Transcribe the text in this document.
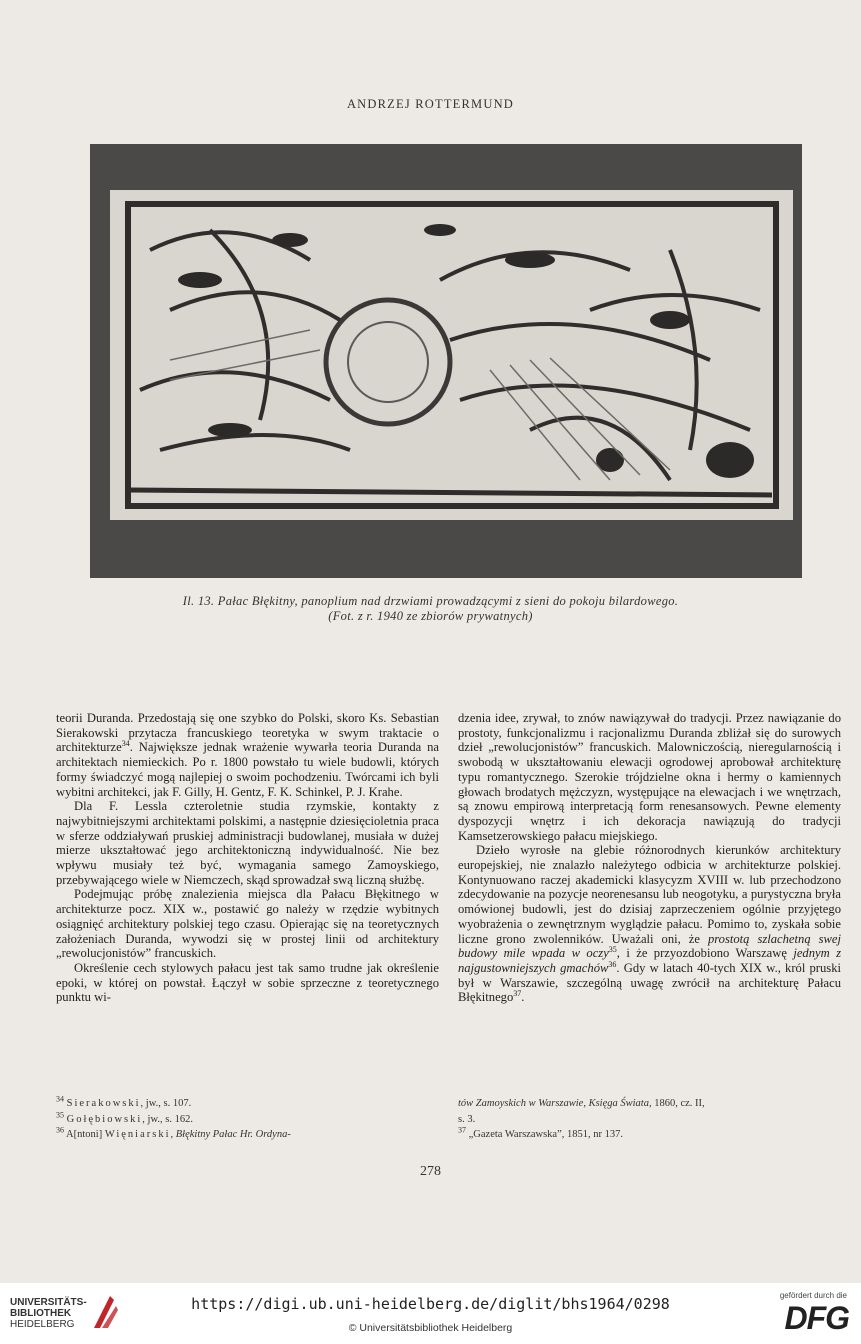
ANDRZEJ ROTTERMUND
Il. 13. Pałac Błękitny, panoplium nad drzwiami prowadzącymi z sieni do pokoju bilardowego.
(Fot. z r. 1940 ze zbiorów prywatnych)

teorii Duranda. Przedostają się one szybko do Polski, skoro Ks. Sebastian Sierakowski przytacza francuskiego teoretyka w swym traktacie o architekturze$^{34}$. Największe jednak wrażenie wywarła teoria Duranda na architektach niemieckich. Po r. 1800 powstało tu wiele budowli, których formy świadczyć mogą najlepiej o swoim pochodzeniu. Twórcami ich byli wybitni architekci, jak F. Gilly, H. Gentz, F. K. Schinkel, P. J. Krahe.

Dla F. Lessla czteroletnie studia rzymskie, kontakty z najwybitniejszymi architektami polskimi, a następnie dziesięcioletnia praca w sferze oddziaływań pruskiej administracji budowlanej, musiała w dużej mierze ukształtować jego architektoniczną indywidualność. Nie bez wpływu musiały też być, wymagania samego Zamoyskiego, przebywającego wiele w Niemczech, skąd sprowadzał swą liczną służbę.

Podejmując próbę znalezienia miejsca dla Pałacu Błękitnego w architekturze pocz. XIX w., postawić go należy w rzędzie wybitnych osiągnięć architektury polskiej tego czasu. Opierając się na teoretycznych założeniach Duranda, wywodzi się w prostej linii od architektury „rewolucjonistów” francuskich.

Określenie cech stylowych pałacu jest tak samo trudne jak określenie epoki, w której on powstał. Łączył w sobie sprzeczne z teoretycznego punktu wi-

dzenia idee, zrywał, to znów nawiązywał do tradycji. Przez nawiązanie do prostoty, funkcjonalizmu i racjonalizmu Duranda zbliżał się do surowych dzieł „rewolucjonistów” francuskich. Malowniczością, nieregularnością i swobodą w ukształtowaniu elewacji ogrodowej aprobował architekturę typu romantycznego. Szerokie trójdzielne okna i hermy o kamiennych głowach brodatych mężczyzn, występujące na elewacjach i we wnętrzach, są znowu empirową interpretacją form renesansowych. Pewne elementy dyspozycji wnętrz i ich dekoracja nawiązują do tradycji Kamsetzerowskiego pałacu miejskiego.

Dzieło wyrosłe na glebie różnorodnych kierunków architektury europejskiej, nie znalazło należytego odbicia w architekturze polskiej. Kontynuowano raczej akademicki klasycyzm XVIII w. lub przechodzono zdecydowanie na pozycje neorenesansu lub neogotyku, a purystyczna bryła omówionej budowli, jest do dzisiaj zaprzeczeniem ogólnie przyjętego wyobrażenia o zewnętrznym wyglądzie pałacu. Pomimo to, zyskała sobie liczne grono zwolenników. Uważali oni, że prostotą szlachetną swej budowy mile wpada w oczy$^{35}$, i że przyozdobiono Warszawę jednym z najgustowniejszych gmachów$^{36}$. Gdy w latach 40-tych XIX w., król pruski był w Warszawie, szczególną uwagę zwrócił na architekturę Pałacu Błękitnego$^{37}$.

$^{34}$ Sierakowski, jw., s. 107.

$^{35}$ Gołębiowski, jw., s. 162.

$^{36}$ A[ntoni] Więniarski, Błękitny Pałac Hr. Ordyna-

tów Zamoyskich w Warszawie, Księga Świata, 1860, cz. II,

s. 3.

$^{37}$ „Gazeta Warszawska”, 1851, nr 137.

278
UNIVERSITÄTS-
BIBLIOTHEK
HEIDELBERG
https://digi.ub.uni-heidelberg.de/diglit/bhs1964/0298
© Universitätsbibliothek Heidelberg
gefördert durch die
DFG
